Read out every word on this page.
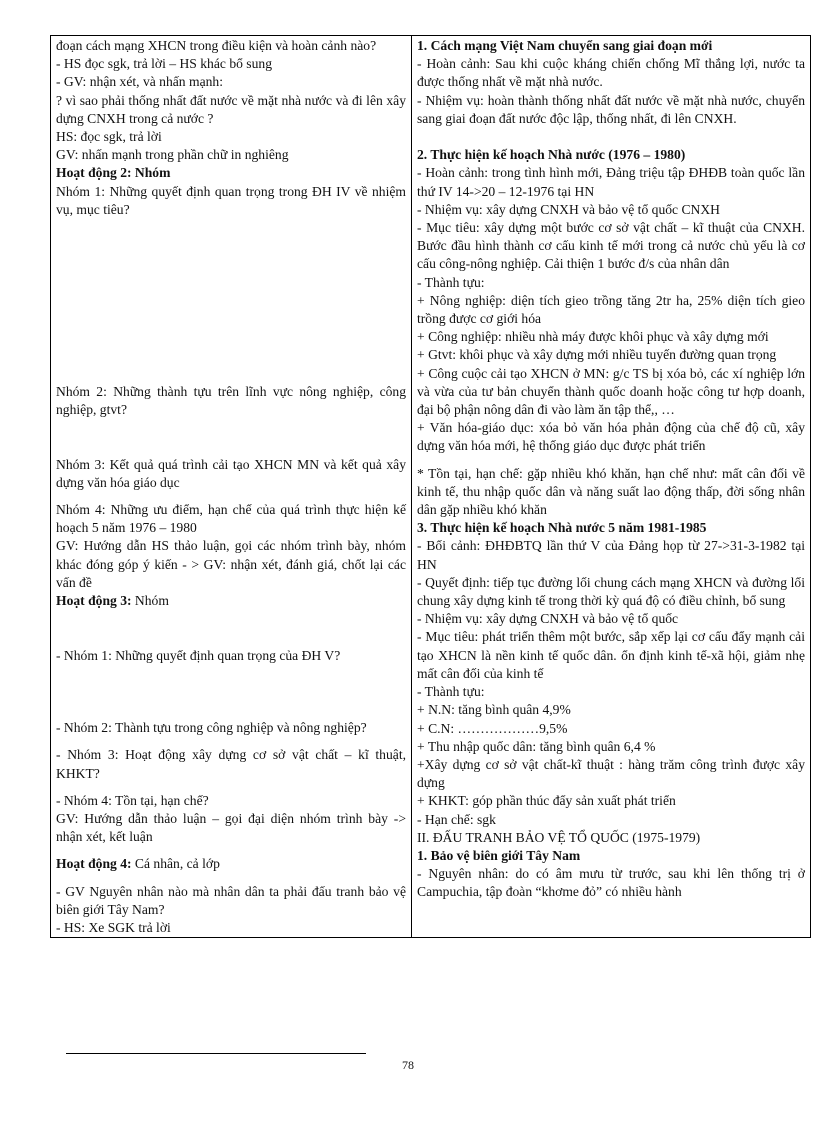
đoạn cách mạng XHCN trong điều kiện và hoàn cảnh nào?
- HS đọc sgk, trả lời – HS khác bổ sung
- GV: nhận xét, và nhấn mạnh:
? vì sao phải thống nhất đất nước về mặt nhà nước và đi lên xây dựng CNXH trong cả nước ?
HS: đọc sgk, trả lời
GV: nhấn mạnh trong phần chữ in nghiêng
Hoạt động 2: Nhóm
Nhóm 1: Những quyết định quan trọng trong ĐH IV về nhiệm vụ, mục tiêu?
Nhóm 2: Những thành tựu trên lĩnh vực nông nghiệp, công nghiệp, gtvt?
Nhóm 3: Kết quả quá trình cải tạo XHCN MN và kết quả xây dựng văn hóa giáo dục
Nhóm 4: Những ưu điểm, hạn chế của quá trình thực hiện kế hoạch 5 năm 1976 – 1980
GV: Hướng dẫn HS thảo luận, gọi các nhóm trình bày, nhóm khác đóng góp ý kiến - > GV: nhận xét, đánh giá, chốt lại các vấn đề
Hoạt động 3: Nhóm
- Nhóm 1: Những quyết định quan trọng của ĐH V?
- Nhóm 2: Thành tựu trong công nghiệp và nông nghiệp?
- Nhóm 3: Hoạt động xây dựng cơ sở vật chất – kĩ thuật, KHKT?
- Nhóm 4: Tồn tại, hạn chế?
GV: Hướng dẫn thảo luận – gọi đại diện nhóm trình bày -> nhận xét, kết luận
Hoạt động 4: Cá nhân, cả lớp
- GV Nguyên nhân nào mà nhân dân ta phải đấu tranh bảo vệ biên giới Tây Nam?
- HS: Xe SGK trả lời

1. Cách mạng Việt Nam chuyển sang giai đoạn mới
- Hoàn cảnh: Sau khi cuộc kháng chiến chống Mĩ thắng lợi, nước ta được thống nhất về mặt nhà nước.
- Nhiệm vụ: hoàn thành thống nhất đất nước về mặt nhà nước, chuyển sang giai đoạn đất nước độc lập, thống nhất, đi lên CNXH.
2. Thực hiện kế hoạch Nhà nước (1976 – 1980)
- Hoàn cảnh: trong tình hình mới, Đảng triệu tập ĐHĐB toàn quốc lần thứ IV 14->20 – 12-1976 tại HN
- Nhiệm vụ: xây dựng CNXH và bảo vệ tổ quốc CNXH
- Mục tiêu: xây dựng một bước cơ sở vật chất – kĩ thuật của CNXH. Bước đầu hình thành cơ cấu kinh tế mới trong cả nước chủ yếu là cơ cấu công-nông nghiệp. Cải thiện 1 bước đ/s của nhân dân
- Thành tựu:
+ Nông nghiệp: diện tích gieo trồng tăng 2tr ha, 25% diện tích gieo trồng được cơ giới hóa
+ Công nghiệp: nhiều nhà máy được khôi phục và xây dựng mới
+ Gtvt: khôi phục và xây dựng mới nhiều tuyến đường quan trọng
+ Công cuộc cải tạo XHCN ở MN: g/c TS bị xóa bỏ, các xí nghiệp lớn và vừa của tư bản chuyển thành quốc doanh hoặc công tư hợp doanh, đại bộ phận nông dân đi vào làm ăn tập thể,, …
+ Văn hóa-giáo dục: xóa bỏ văn hóa phản động của chế độ cũ, xây dựng văn hóa mới, hệ thống giáo dục được phát triển
* Tồn tại, hạn chế: gặp nhiều khó khăn, hạn chế như: mất cân đối về kinh tế, thu nhập quốc dân và năng suất lao động thấp, đời sống nhân dân gặp nhiều khó khăn
3. Thực hiện kế hoạch Nhà nước 5 năm 1981-1985
- Bối cảnh: ĐHĐBTQ lần thứ V của Đảng họp từ 27->31-3-1982 tại HN
- Quyết định: tiếp tục đường lối chung cách mạng XHCN và đường lối chung xây dựng kinh tế trong thời kỳ quá độ có điều chỉnh, bổ sung
- Nhiệm vụ: xây dựng CNXH và bảo vệ tổ quốc
- Mục tiêu: phát triển thêm một bước, sắp xếp lại cơ cấu đẩy mạnh cải tạo XHCN là nền kinh tế quốc dân. ổn định kinh tế-xã hội, giảm nhẹ mất cân đối của kinh tế
- Thành tựu:
+ N.N: tăng bình quân 4,9%
+ C.N: ………………9,5%
+ Thu nhập quốc dân: tăng bình quân 6,4 %
+Xây dựng cơ sở vật chất-kĩ thuật : hàng trăm công trình được xây dựng
+ KHKT: góp phần thúc đẩy sản xuất phát triển
- Hạn chế: sgk
II. ĐẤU TRANH BẢO VỆ TỔ QUỐC (1975-1979)
1. Bảo vệ biên giới Tây Nam
- Nguyên nhân: do có âm mưu từ trước, sau khi lên thống trị ở Campuchia, tập đoàn “khơme đỏ” có nhiều hành
78
